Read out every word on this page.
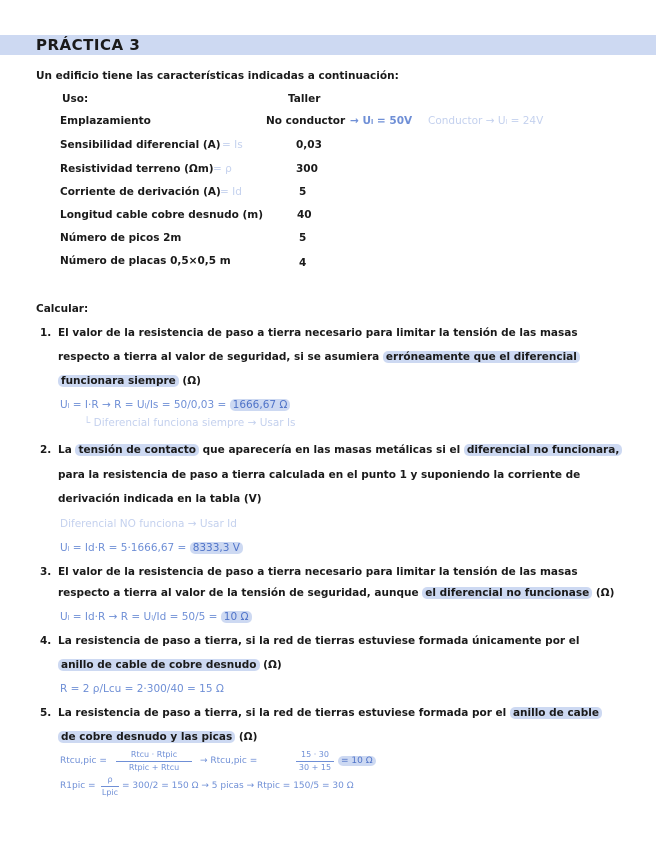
PRÁCTICA 3
Un edificio tiene las características indicadas a continuación:
Uso:	Taller
Emplazamiento	No conductor → Uₗ = 50V Conductor → Uₗ = 24V
Sensibilidad diferencial (A) = Is	0,03
Resistividad terreno (Ωm) = ρ	300
Corriente de derivación (A) = Id	5
Longitud cable cobre desnudo (m)	40
Número de picos 2m	5
Número de placas 0,5×0,5 m	4
Calcular:
1. El valor de la resistencia de paso a tierra necesario para limitar la tensión de las masas
respecto a tierra al valor de seguridad, si se asumiera erróneamente que el diferencial
funcionara siempre (Ω)
Uₗ = I·R → R = Uₗ/Is = 50/0,03 = 1666,67 Ω
└ Diferencial funciona siempre → Usar Is
2. La tensión de contacto que aparecería en las masas metálicas si el diferencial no funcionara,
para la resistencia de paso a tierra calculada en el punto 1 y suponiendo la corriente de
derivación indicada en la tabla (V)
Diferencial NO funciona → Usar Id
Uₗ = Id·R = 5·1666,67 = 8333,3 V
3. El valor de la resistencia de paso a tierra necesario para limitar la tensión de las masas
respecto a tierra al valor de la tensión de seguridad, aunque el diferencial no funcionase (Ω)
Uₗ = Id·R → R = Uₗ/Id = 50/5 = 10 Ω
4. La resistencia de paso a tierra, si la red de tierras estuviese formada únicamente por el
anillo de cable de cobre desnudo (Ω)
R = 2 ρ/Lcu = 2·300/40 = 15 Ω
5. La resistencia de paso a tierra, si la red de tierras estuviese formada por el anillo de cable
de cobre desnudo y las picas (Ω)
Rtcu,pic =
Rtcu · Rtpic
Rtpic + Rtcu
→ Rtcu,pic =
15 · 30
30 + 15
= 10 Ω
R1pic =
ρ
Lpic
= 300/2 = 150 Ω → 5 picas → Rtpic = 150/5 = 30 Ω
